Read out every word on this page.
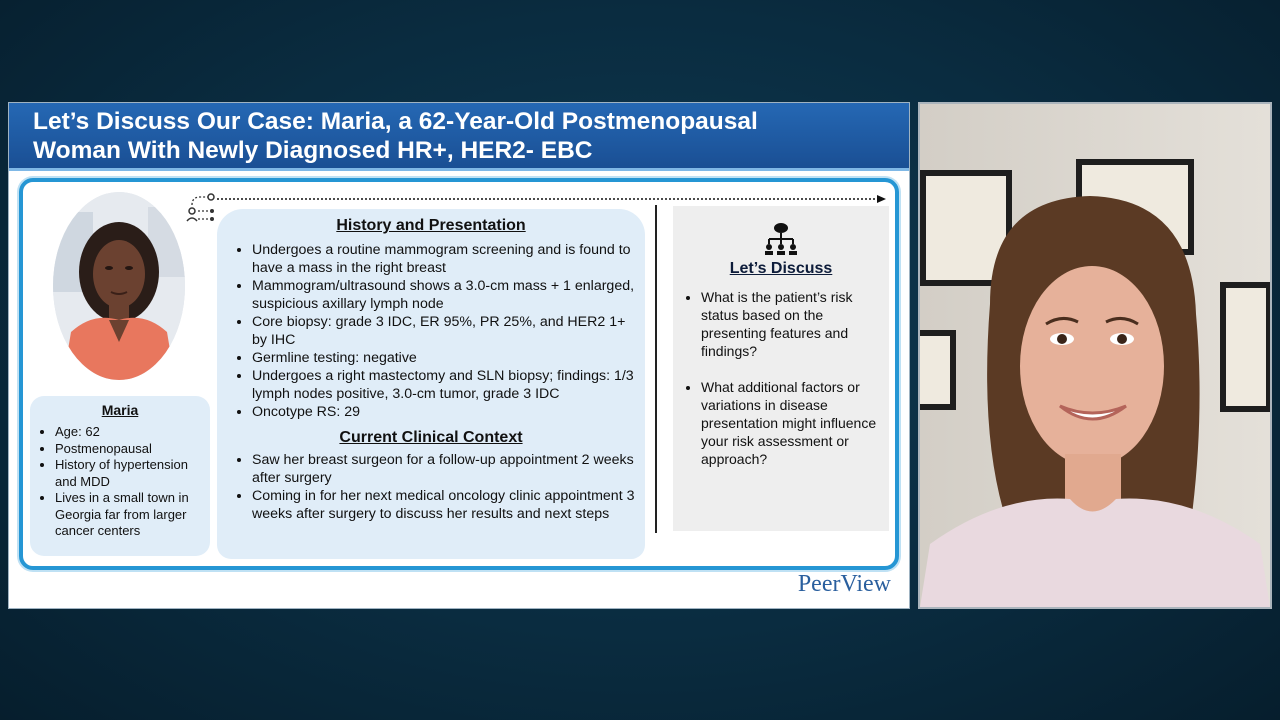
Let’s Discuss Our Case: Maria, a 62-Year-Old Postmenopausal
Woman With Newly Diagnosed HR+, HER2- EBC
Maria
• Age: 62
• Postmenopausal
• History of hypertension and MDD
• Lives in a small town in Georgia far from larger cancer centers
History and Presentation
• Undergoes a routine mammogram screening and is found to have a mass in the right breast
• Mammogram/ultrasound shows a 3.0-cm mass + 1 enlarged, suspicious axillary lymph node
• Core biopsy: grade 3 IDC, ER 95%, PR 25%, and HER2 1+ by IHC
• Germline testing: negative
• Undergoes a right mastectomy and SLN biopsy; findings: 1/3 lymph nodes positive, 3.0-cm tumor, grade 3 IDC
• Oncotype RS: 29
Current Clinical Context
• Saw her breast surgeon for a follow-up appointment 2 weeks after surgery
• Coming in for her next medical oncology clinic appointment 3 weeks after surgery to discuss her results and next steps
Let’s Discuss
• What is the patient’s risk status based on the presenting features and findings?
• What additional factors or variations in disease presentation might influence your risk assessment or approach?
PeerView
